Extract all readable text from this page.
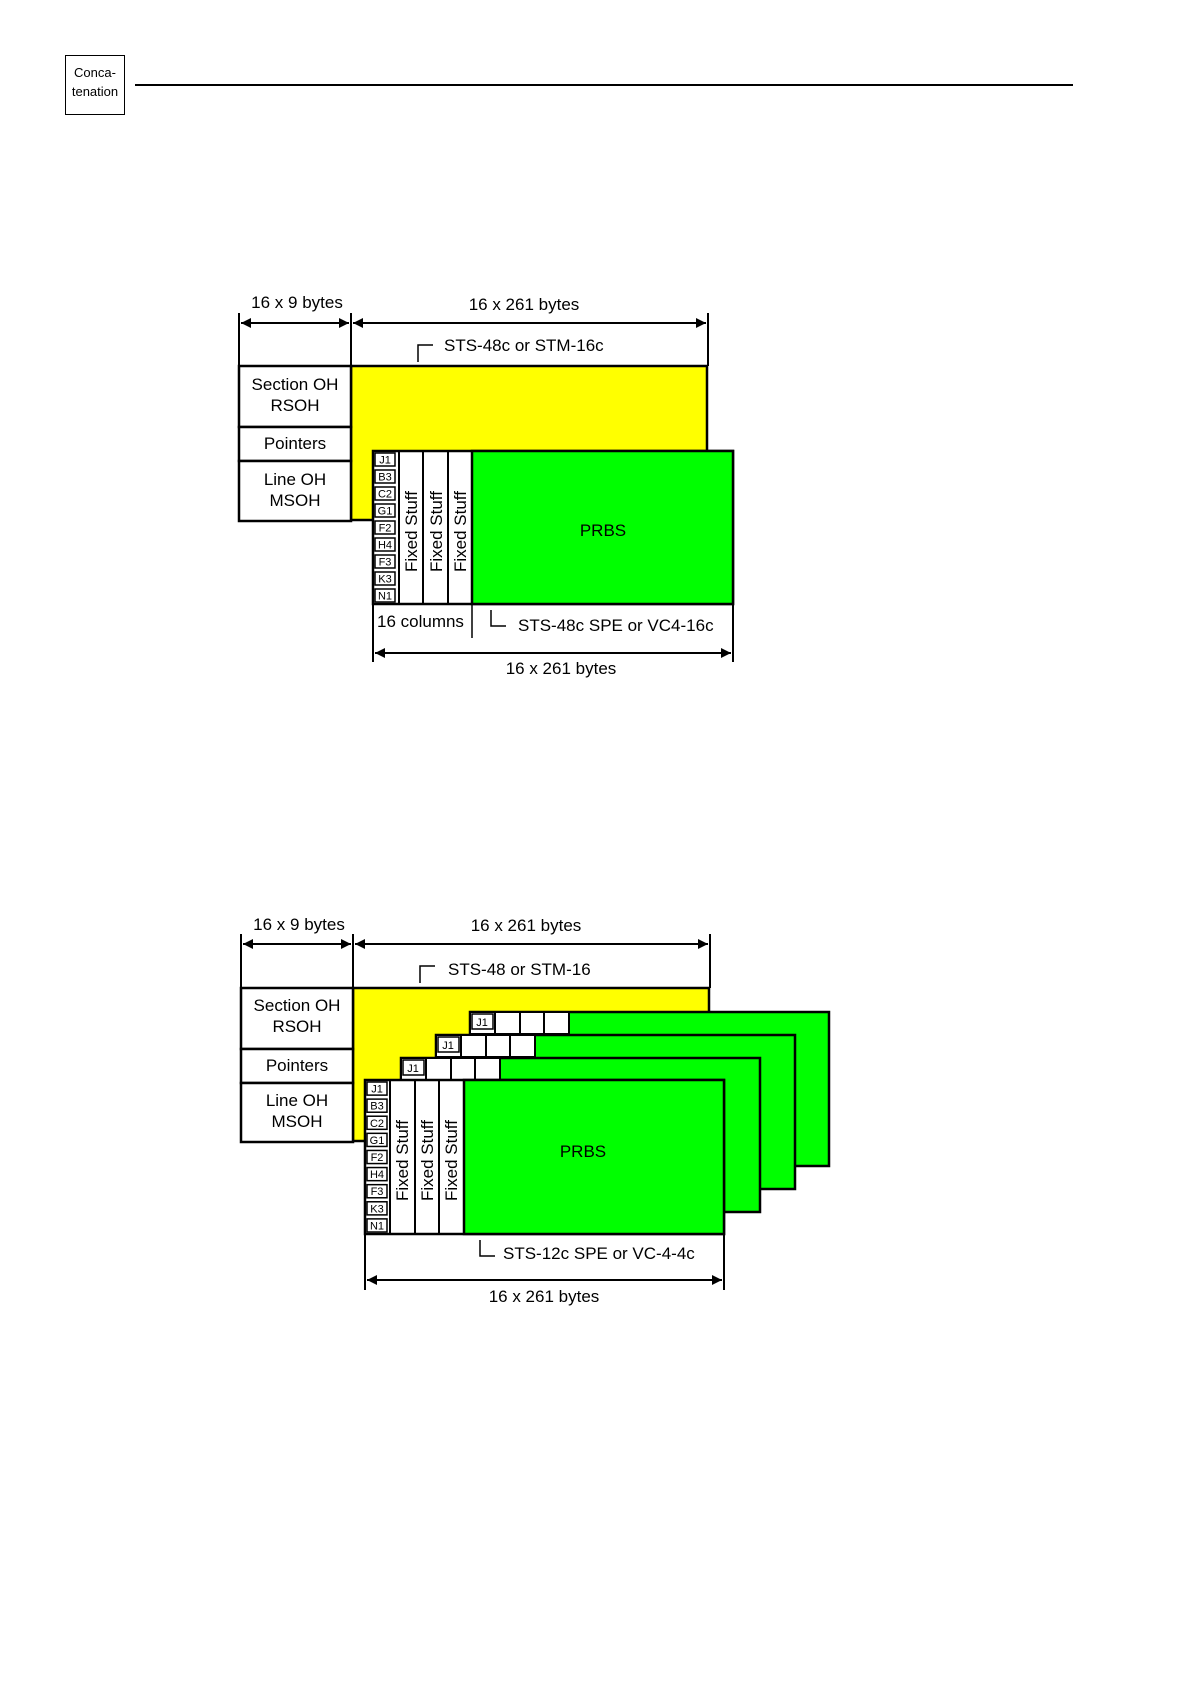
Conca-
tenation
16 x 9 bytes	16 x 261 bytes
STS-48c or STM-16c
Section OH
RSOH
Pointers
Line OH
MSOH
PRBS
J1
B3
C2
G1
F2
H4
F3
K3
N1
Fixed Stuff Fixed Stuff Fixed Stuff
16 columns	STS-48c SPE or VC4-16c
16 x 261 bytes
16 x 9 bytes	16 x 261 bytes
STS-48 or STM-16
Section OH
RSOH
Pointers
Line OH
MSOH
J1
J1
J1
PRBS
J1
B3
C2
G1
F2
H4
F3
K3
N1
Fixed Stuff Fixed Stuff Fixed Stuff
STS-12c SPE or VC-4-4c
16 x 261 bytes
